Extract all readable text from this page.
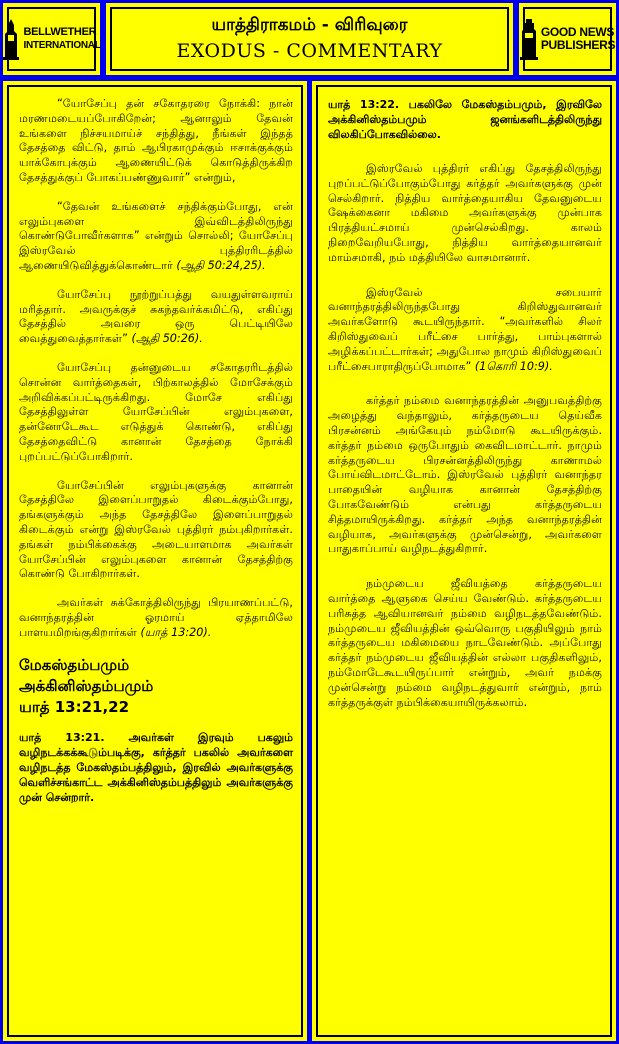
BELLWETHER
INTERNATIONAL
யாத்திராகமம் - விரிவுரை
EXODUS - COMMENTARY
GOOD NEWS
PUBLISHERS

“யோசேப்பு தன் சகோதரரை நோக்கி: நான் மரணமடையப்போகிறேன்; ஆனாலும் தேவன் உங்களை நிச்சயமாய்ச் சந்தித்து, நீங்கள் இந்தத் தேசத்தை விட்டு, தாம் ஆபிரகாமுக்கும் ஈசாக்குக்கும் யாக்கோபுக்கும் ஆணையிட்டுக் கொடுத்திருக்கிற தேசத்துக்குப் போகப்பண்ணுவார்” என்றும்,

“தேவன் உங்களைச் சந்திக்கும்போது, என் எலும்புகளை இவ்விடத்திலிருந்து கொண்டுபோவீர்களாக” என்றும் சொல்லி; யோசேப்பு இஸ்ரவேல் புத்திரரிடத்தில் ஆணையிடுவித்துக்கொண்டார் (ஆதி 50:24,25).

யோசேப்பு நூற்றுப்பத்து வயதுள்ளவராய் மரித்தார். அவருக்குச் சுகந்தவர்க்கமிட்டு, எகிப்து தேசத்தில் அவரை ஒரு பெட்டியிலே வைத்துவைத்தார்கள்” (ஆதி 50:26).

யோசேப்பு தன்னுடைய சகோதரரிடத்தில் சொன்ன வார்த்தைகள், பிற்காலத்தில் மோசேக்கும் அறிவிக்கப்பட்டிருக்கிறது. மோசே எகிப்து தேசத்திலுள்ள யோசேப்பின் எலும்புகளை, தன்னோடேகூட எடுத்துக் கொண்டு, எகிப்து தேசத்தைவிட்டு கானான் தேசத்தை நோக்கி புறப்பட்டுப்போகிறார்.

யோசேப்பின் எலும்புகளுக்கு கானான் தேசத்திலே இளைப்பாறுதல் கிடைக்கும்போது, தங்களுக்கும் அந்த தேசத்திலே இளைப்பாறுதல் கிடைக்கும் என்று இஸ்ரவேல் புத்திரர் நம்புகிறார்கள். தங்கள் நம்பிக்கைக்கு அடையாளமாக அவர்கள் யோசேப்பின் எலும்புகளை கானான் தேசத்திற்கு கொண்டு போகிறார்கள்.

அவர்கள் சுக்கோத்திலிருந்து பிரயாணப்பட்டு, வனாந்தரத்தின் ஓரமாய் ஏத்தாமிலே பாளயமிறங்குகிறார்கள் (யாத் 13:20).

மேகஸ்தம்பமும்
அக்கினிஸ்தம்பமும்
யாத் 13:21,22

யாத் 13:21. அவர்கள் இரவும் பகலும் வழிநடக்கக்கூடும்படிக்கு, கர்த்தர் பகலில் அவர்களை வழிநடத்த மேகஸ்தம்பத்திலும், இரவில் அவர்களுக்கு வெளிச்சங்காட்ட அக்கினிஸ்தம்பத்திலும் அவர்களுக்கு முன் சென்றார்.

யாத் 13:22. பகலிலே மேகஸ்தம்பமும், இரவிலே அக்கினிஸ்தம்பமும் ஜனங்களிடத்திலிருந்து விலகிப்போகவில்லை.

இஸ்ரவேல் புத்திரர் எகிப்து தேசத்திலிருந்து புறப்பட்டுப்போகும்போது கர்த்தர் அவர்களுக்கு முன் செல்கிறார். நித்திய வார்த்தையாகிய தேவனுடைய ஷேக்கைனா மகிமை அவர்களுக்கு முன்பாக பிரத்தியட்சமாய் முன்செல்கிறது. காலம் நிறைவேறியபோது, நித்திய வார்த்தையானவர் மாம்சமாகி, நம் மத்தியிலே வாசமானார்.

இஸ்ரவேல் சபையார் வனாந்தரத்திலிருந்தபோது கிறிஸ்துவானவர் அவர்களோடு கூடயிருந்தார். “அவர்களில் சிலர் கிறிஸ்துவைப் பரீட்சை பார்த்து, பாம்புகளால் அழிக்கப்பட்டார்கள்; அதுபோல நாமும் கிறிஸ்துவைப் பரீட்சைபாராதிருப்போமாக” (1கொரி 10:9).

கர்த்தர் நம்மை வனாந்தரத்தின் அனுபவத்திற்கு அழைத்து வந்தாலும், கர்த்தருடைய தெய்வீக பிரசன்னம் அங்கேயும் நம்மோடு கூடயிருக்கும். கர்த்தர் நம்மை ஒருபோதும் கைவிடமாட்டார். நாமும் கர்த்தருடைய பிரசன்னத்திலிருந்து காணாமல் போய்விடமாட்டோம். இஸ்ரவேல் புத்திரர் வனாந்தர பாதையின் வழியாக கானான் தேசத்திற்கு போகவேண்டும் என்பது கர்த்தருடைய சித்தமாயிருக்கிறது. கர்த்தர் அந்த வனாந்தரத்தின் வழியாக, அவர்களுக்கு முன்சென்று, அவர்களை பாதுகாப்பாய் வழிநடத்துகிறார்.

நம்முடைய ஜீவியத்தை கர்த்தருடைய வார்த்தை ஆளுகை செய்ய வேண்டும். கர்த்தருடைய பரிசுத்த ஆவியானவர் நம்மை வழிநடத்தவேண்டும். நம்முடைய ஜீவியத்தின் ஒவ்வொரு பகுதியிலும் நாம் கர்த்தருடைய மகிமையை நாடவேண்டும். அப்போது கர்த்தர் நம்முடைய ஜீவியத்தின் எல்லா பகுதிகளிலும், நம்மோடேகூடயிருப்பார் என்றும், அவர் நமக்கு முன்சென்று நம்மை வழிநடத்துவார் என்றும், நாம் கர்த்தருக்குள் நம்பிக்கையாயிருக்கலாம்.
